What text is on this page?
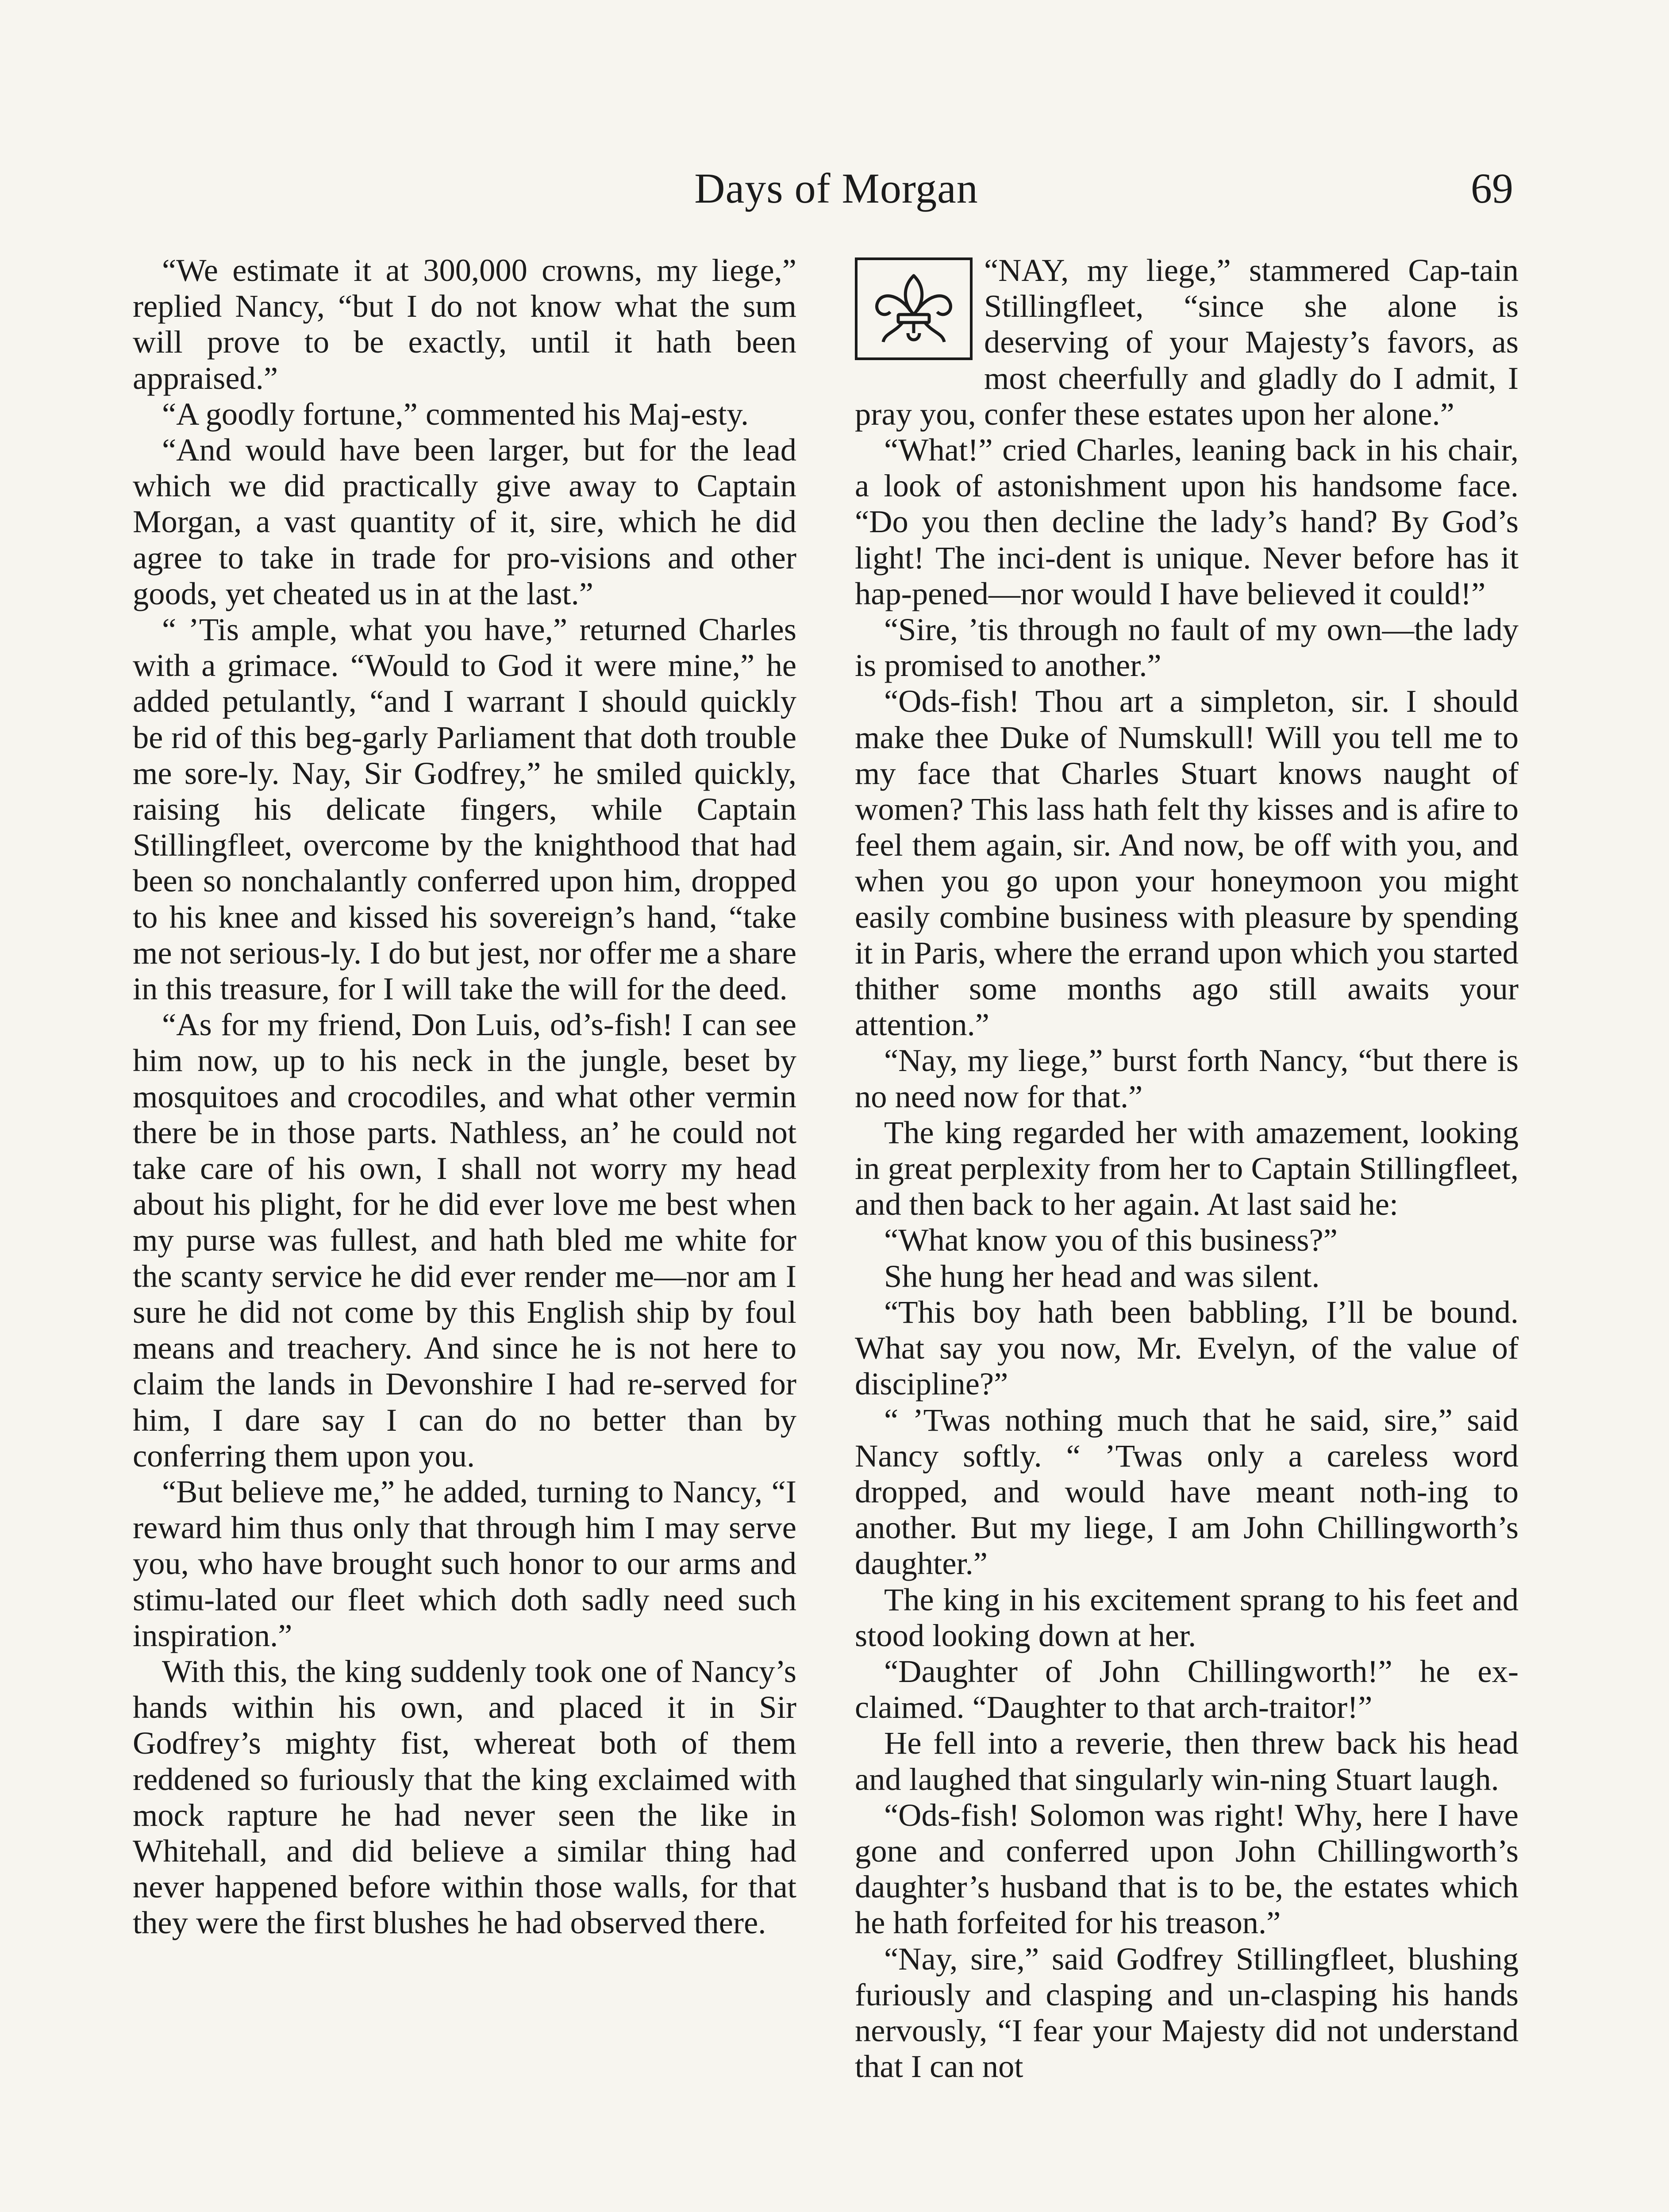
Days of Morgan	69

“We estimate it at 300,000 crowns, my liege,” replied Nancy, “but I do not know what the sum will prove to be exactly, until it hath been appraised.”

“A goodly fortune,” commented his Maj-esty.

“And would have been larger, but for the lead which we did practically give away to Captain Morgan, a vast quantity of it, sire, which he did agree to take in trade for pro-visions and other goods, yet cheated us in at the last.”

“ ’Tis ample, what you have,” returned Charles with a grimace. “Would to God it were mine,” he added petulantly, “and I warrant I should quickly be rid of this beg-garly Parliament that doth trouble me sore-ly. Nay, Sir Godfrey,” he smiled quickly, raising his delicate fingers, while Captain Stillingfleet, overcome by the knighthood that had been so nonchalantly conferred upon him, dropped to his knee and kissed his sovereign’s hand, “take me not serious-ly. I do but jest, nor offer me a share in this treasure, for I will take the will for the deed.

“As for my friend, Don Luis, od’s-fish! I can see him now, up to his neck in the jungle, beset by mosquitoes and crocodiles, and what other vermin there be in those parts. Nathless, an’ he could not take care of his own, I shall not worry my head about his plight, for he did ever love me best when my purse was fullest, and hath bled me white for the scanty service he did ever render me—nor am I sure he did not come by this English ship by foul means and treachery. And since he is not here to claim the lands in Devonshire I had re-served for him, I dare say I can do no better than by conferring them upon you.

“But believe me,” he added, turning to Nancy, “I reward him thus only that through him I may serve you, who have brought such honor to our arms and stimu-lated our fleet which doth sadly need such inspiration.”

With this, the king suddenly took one of Nancy’s hands within his own, and placed it in Sir Godfrey’s mighty fist, whereat both of them reddened so furiously that the king exclaimed with mock rapture he had never seen the like in Whitehall, and did believe a similar thing had never happened before within those walls, for that they were the first blushes he had observed there.

“NAY, my liege,” stammered Cap-tain Stillingfleet, “since she alone is deserving of your Majesty’s favors, as most cheerfully and gladly do I admit, I pray you, confer these estates upon her alone.”

“What!” cried Charles, leaning back in his chair, a look of astonishment upon his handsome face. “Do you then decline the lady’s hand? By God’s light! The inci-dent is unique. Never before has it hap-pened—nor would I have believed it could!”

“Sire, ’tis through no fault of my own—the lady is promised to another.”

“Ods-fish! Thou art a simpleton, sir. I should make thee Duke of Numskull! Will you tell me to my face that Charles Stuart knows naught of women? This lass hath felt thy kisses and is afire to feel them again, sir. And now, be off with you, and when you go upon your honeymoon you might easily combine business with pleasure by spending it in Paris, where the errand upon which you started thither some months ago still awaits your attention.”

“Nay, my liege,” burst forth Nancy, “but there is no need now for that.”

The king regarded her with amazement, looking in great perplexity from her to Captain Stillingfleet, and then back to her again. At last said he:

“What know you of this business?”

She hung her head and was silent.

“This boy hath been babbling, I’ll be bound. What say you now, Mr. Evelyn, of the value of discipline?”

“ ’Twas nothing much that he said, sire,” said Nancy softly. “ ’Twas only a careless word dropped, and would have meant noth-ing to another. But my liege, I am John Chillingworth’s daughter.”

The king in his excitement sprang to his feet and stood looking down at her.

“Daughter of John Chillingworth!” he ex-claimed. “Daughter to that arch-traitor!”

He fell into a reverie, then threw back his head and laughed that singularly win-ning Stuart laugh.

“Ods-fish! Solomon was right! Why, here I have gone and conferred upon John Chillingworth’s daughter’s husband that is to be, the estates which he hath forfeited for his treason.”

“Nay, sire,” said Godfrey Stillingfleet, blushing furiously and clasping and un-clasping his hands nervously, “I fear your Majesty did not understand that I can not
